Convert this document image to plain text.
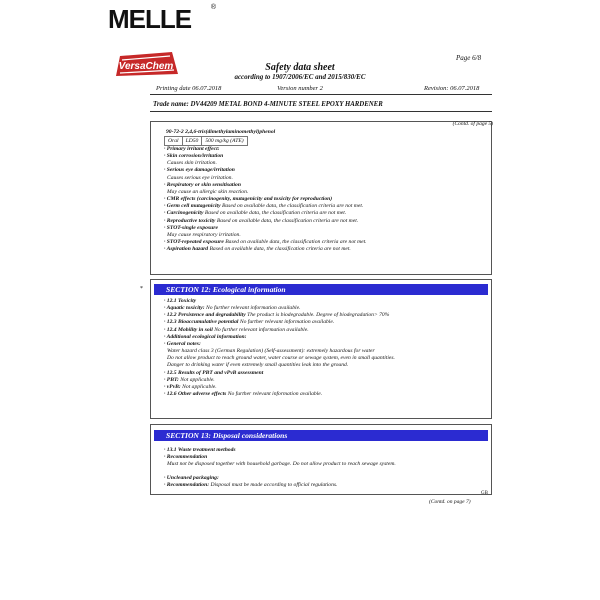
MELLE	®
VersaChem
Page 6/8
Safety data sheet
according to 1907/2006/EC and 2015/830/EC
Printing date 06.07.2018	Version number 2	Revision: 06.07.2018
Trade name: DV44209 METAL BOND 4-MINUTE STEEL EPOXY HARDENER
(Contd. of page 5)
90-72-2 2,4,6-tris(dimethylaminomethyl)phenol
Oral	LD50	500 mg/kg (ATE)
· Primary irritant effect:
· Skin corrosion/irritation
Causes skin irritation.
· Serious eye damage/irritation
Causes serious eye irritation.
· Respiratory or skin sensitisation
May cause an allergic skin reaction.
· CMR effects (carcinogenity, mutagenicity and toxicity for reproduction)
· Germ cell mutagenicity Based on available data, the classification criteria are not met.
· Carcinogenicity Based on available data, the classification criteria are not met.
· Reproductive toxicity Based on available data, the classification criteria are not met.
· STOT-single exposure
May cause respiratory irritation.
· STOT-repeated exposure Based on available data, the classification criteria are not met.
· Aspiration hazard Based on available data, the classification criteria are not met.
*	SECTION 12: Ecological information
· 12.1 Toxicity
· Aquatic toxicity: No further relevant information available.
· 12.2 Persistence and degradability The product is biodegradable. Degree of biodegradation> 70%
· 12.3 Bioaccumulative potential No further relevant information available.
· 12.4 Mobility in soil No further relevant information available.
· Additional ecological information:
· General notes:
Water hazard class 3 (German Regulation) (Self-assessment): extremely hazardous for water
Do not allow product to reach ground water, water course or sewage system, even in small quantities.
Danger to drinking water if even extremely small quantities leak into the ground.
· 12.5 Results of PBT and vPvB assessment
· PBT: Not applicable.
· vPvB: Not applicable.
· 12.6 Other adverse effects No further relevant information available.
SECTION 13: Disposal considerations
· 13.1 Waste treatment methods
· Recommendation
Must not be disposed together with household garbage. Do not allow product to reach sewage system.
· Uncleaned packaging:
· Recommendation: Disposal must be made according to official regulations.
GB
(Contd. on page 7)
